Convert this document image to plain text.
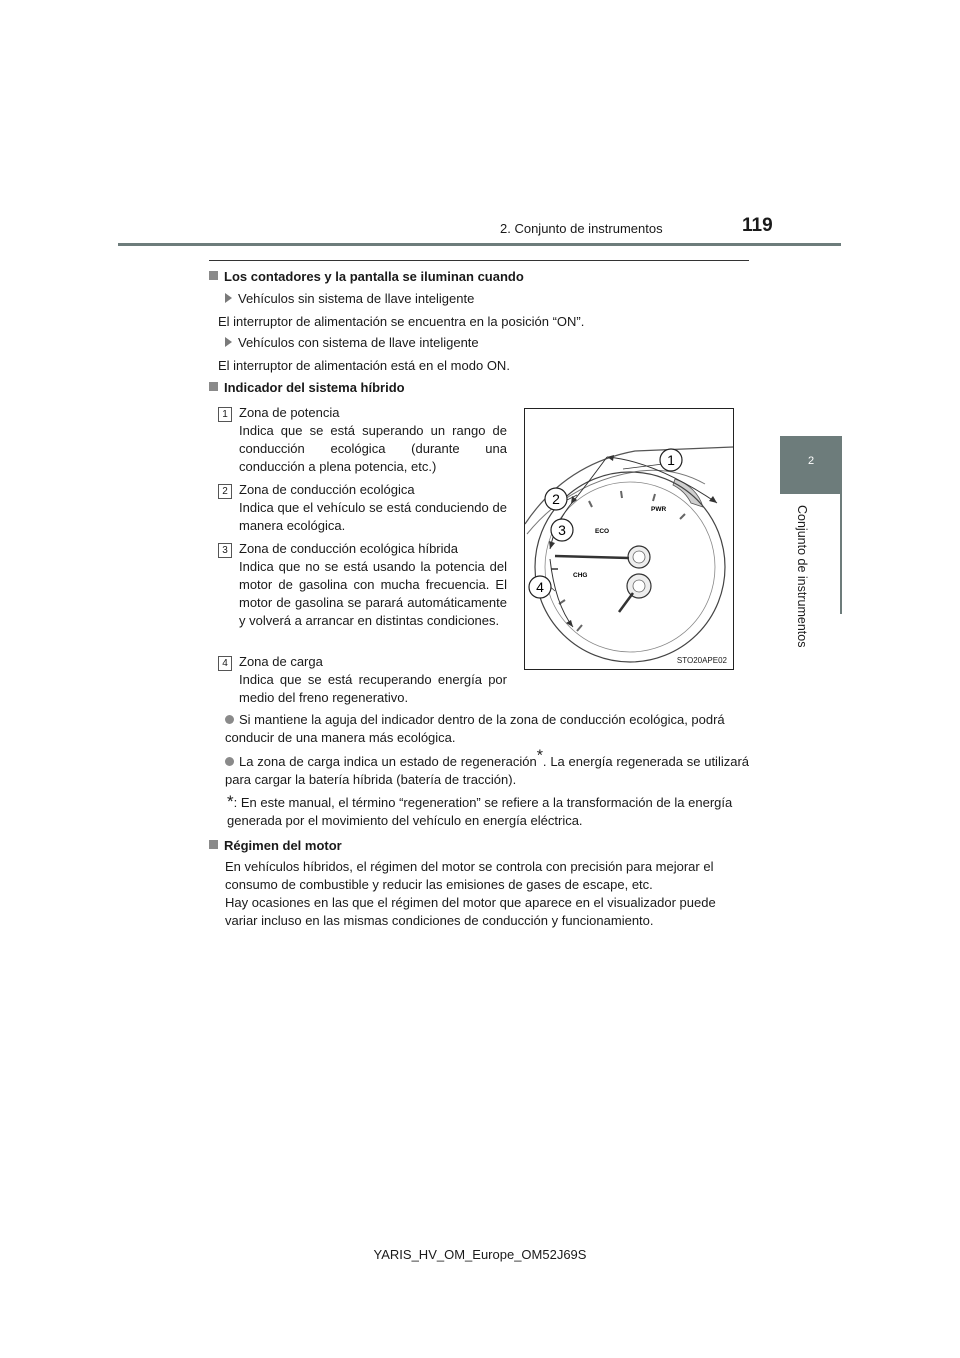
2. Conjunto de instrumentos	119
2
Conjunto de instrumentos
Los contadores y la pantalla se iluminan cuando
Vehículos sin sistema de llave inteligente
El interruptor de alimentación se encuentra en la posición “ON”.
Vehículos con sistema de llave inteligente
El interruptor de alimentación está en el modo ON.
Indicador del sistema híbrido
1 Zona de potencia
Indica que se está superando un rango de conducción ecológica (durante una conducción a plena potencia, etc.)
2 Zona de conducción ecológica
Indica que el vehículo se está conduciendo de manera ecológica.
3 Zona de conducción ecológica híbrida
Indica que no se está usando la potencia del motor de gasolina con mucha frecuencia. El motor de gasolina se parará automáticamente y volverá a arrancar en distintas condiciones.
4 Zona de carga
Indica que se está recuperando energía por medio del freno regenerativo.
PWR
ECO
CHG
1
2
3
4
STO20APE02
Si mantiene la aguja del indicador dentro de la zona de conducción ecológica, podrá conducir de una manera más ecológica.
La zona de carga indica un estado de regeneración*. La energía regenerada se utilizará para cargar la batería híbrida (batería de tracción).
*: En este manual, el término “regeneration” se refiere a la transformación de la energía generada por el movimiento del vehículo en energía eléctrica.
Régimen del motor
En vehículos híbridos, el régimen del motor se controla con precisión para mejorar el consumo de combustible y reducir las emisiones de gases de escape, etc.
Hay ocasiones en las que el régimen del motor que aparece en el visualizador puede variar incluso en las mismas condiciones de conducción y funcionamiento.
YARIS_HV_OM_Europe_OM52J69S
